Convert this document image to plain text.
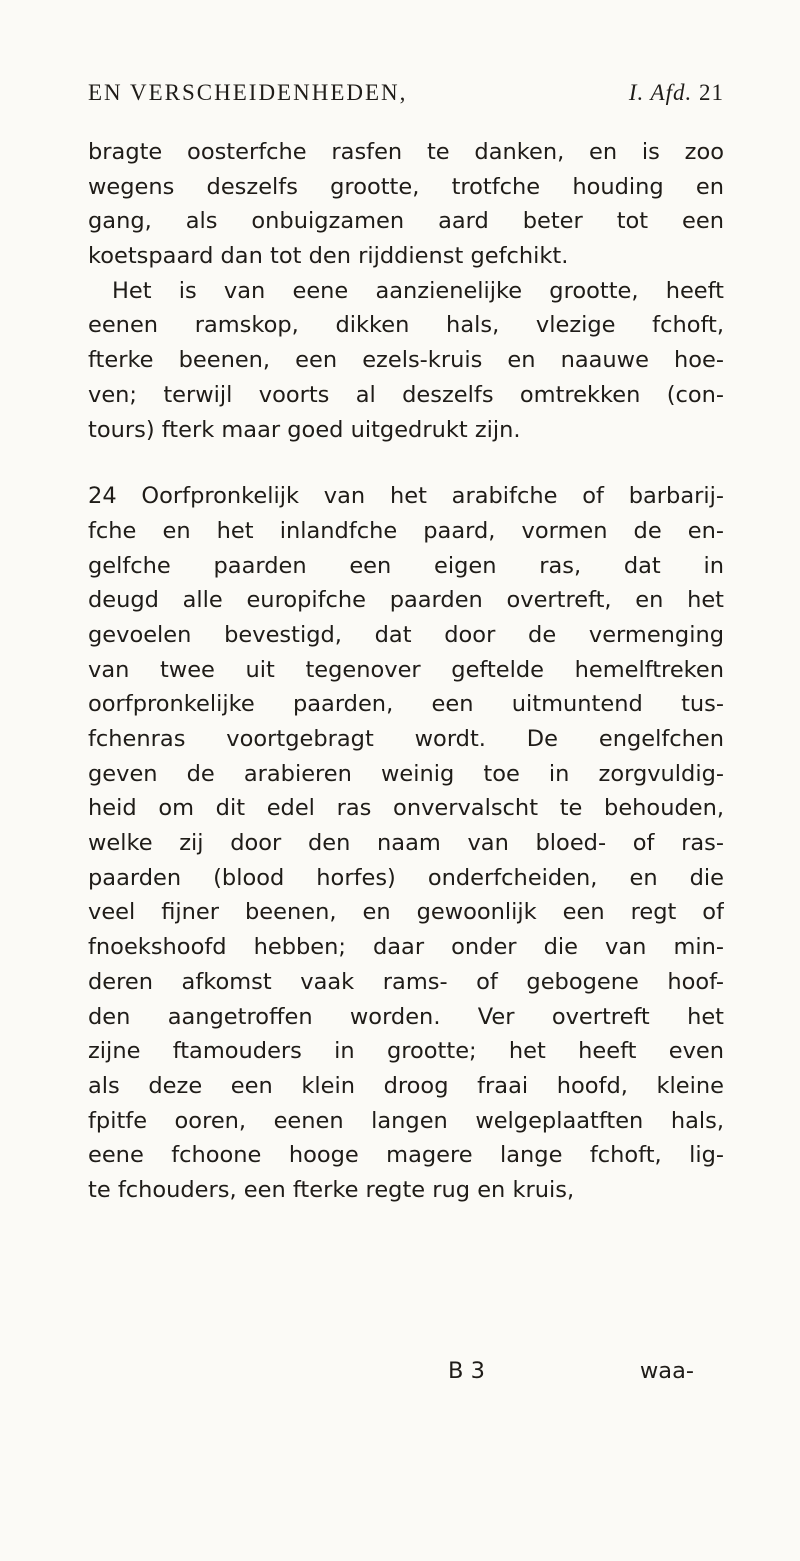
EN VERSCHEIDENHEDEN,	I. Afd. 21
bragte oosterfche rasfen te danken, en is zoo
wegens deszelfs grootte, trotfche houding en
gang, als onbuigzamen aard beter tot een
koetspaard dan tot den rijddienst gefchikt.
Het is van eene aanzienelijke grootte, heeft
eenen ramskop, dikken hals, vlezige fchoft,
fterke beenen, een ezels-kruis en naauwe hoe-
ven; terwijl voorts al deszelfs omtrekken (con-
tours) fterk maar goed uitgedrukt zijn.
24 Oorfpronkelijk van het arabifche of barbarij-
fche en het inlandfche paard, vormen de en-
gelfche paarden een eigen ras, dat in
deugd alle europifche paarden overtreft, en het
gevoelen bevestigd, dat door de vermenging
van twee uit tegenover geftelde hemelftreken
oorfpronkelijke paarden, een uitmuntend tus-
fchenras voortgebragt wordt. De engelfchen
geven de arabieren weinig toe in zorgvuldig-
heid om dit edel ras onvervalscht te behouden,
welke zij door den naam van bloed- of ras-
paarden (blood horfes) onderfcheiden, en die
veel fijner beenen, en gewoonlijk een regt of
fnoekshoofd hebben; daar onder die van min-
deren afkomst vaak rams- of gebogene hoof-
den aangetroffen worden. Ver overtreft het
zijne ftamouders in grootte; het heeft even
als deze een klein droog fraai hoofd, kleine
fpitfe ooren, eenen langen welgeplaatften hals,
eene fchoone hooge magere lange fchoft, lig-
te fchouders, een fterke regte rug en kruis,
B 3	waa-
